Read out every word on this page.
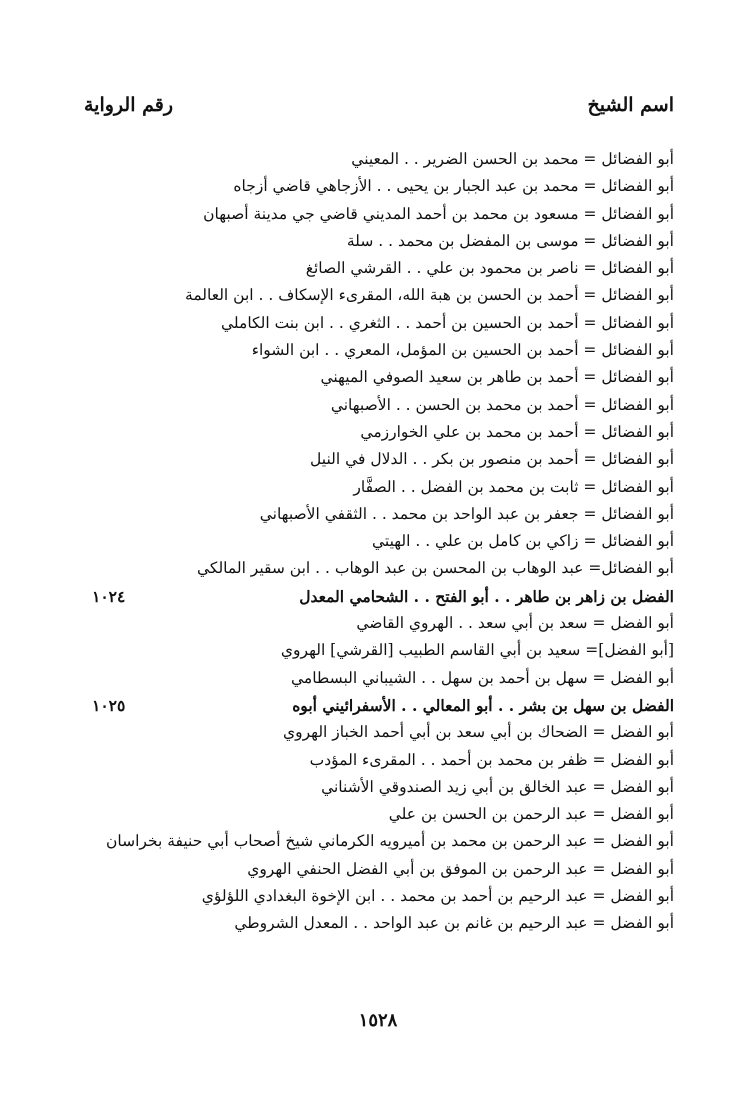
اسم الشيخ
رقم الرواية
أبو الفضائل = محمد بن الحسن الضرير . . المعيني
أبو الفضائل = محمد بن عبد الجبار بن يحيى . . الأزجاهي قاضي أزجاه
أبو الفضائل = مسعود بن محمد بن أحمد المديني قاضي جي مدينة أصبهان
أبو الفضائل = موسى بن المفضل بن محمد . . سلة
أبو الفضائل = ناصر بن محمود بن علي . . القرشي الصائغ
أبو الفضائل = أحمد بن الحسن بن هبة الله، المقرىء الإسكاف . . ابن العالمة
أبو الفضائل = أحمد بن الحسين بن أحمد . . الثغري . . ابن بنت الكاملي
أبو الفضائل = أحمد بن الحسين بن المؤمل، المعري . . ابن الشواء
أبو الفضائل = أحمد بن طاهر بن سعيد الصوفي الميهني
أبو الفضائل = أحمد بن محمد بن الحسن . . الأصبهاني
أبو الفضائل = أحمد بن محمد بن علي الخوارزمي
أبو الفضائل = أحمد بن منصور بن بكر . . الدلال في النيل
أبو الفضائل = ثابت بن محمد بن الفضل . . الصفَّار
أبو الفضائل = جعفر بن عبد الواحد بن محمد . . الثقفي الأصبهاني
أبو الفضائل = زاكي بن كامل بن علي . . الهيتي
أبو الفضائل= عبد الوهاب بن المحسن بن عبد الوهاب . . ابن سقير المالكي
الفضل بن زاهر بن طاهر . . أبو الفتح . . الشحامي المعدل
١٠٢٤
أبو الفضل = سعد بن أبي سعد . . الهروي القاضي
[أبو الفضل]= سعيد بن أبي القاسم الطبيب [القرشي] الهروي
أبو الفضل = سهل بن أحمد بن سهل . . الشيباني البسطامي
الفضل بن سهل بن بشر . . أبو المعالي . . الأسفرائيني أبوه
١٠٢٥
أبو الفضل = الضحاك بن أبي سعد بن أبي أحمد الخباز الهروي
أبو الفضل = ظفر بن محمد بن أحمد . . المقرىء المؤدب
أبو الفضل = عبد الخالق بن أبي زيد الصندوقي الأشناني
أبو الفضل = عبد الرحمن بن الحسن بن علي
أبو الفضل = عبد الرحمن بن محمد بن أميرويه الكرماني شيخ أصحاب أبي حنيفة بخراسان
أبو الفضل = عبد الرحمن بن الموفق بن أبي الفضل الحنفي الهروي
أبو الفضل = عبد الرحيم بن أحمد بن محمد . . ابن الإخوة البغدادي اللؤلؤي
أبو الفضل = عبد الرحيم بن غانم بن عبد الواحد . . المعدل الشروطي
١٥٢٨
